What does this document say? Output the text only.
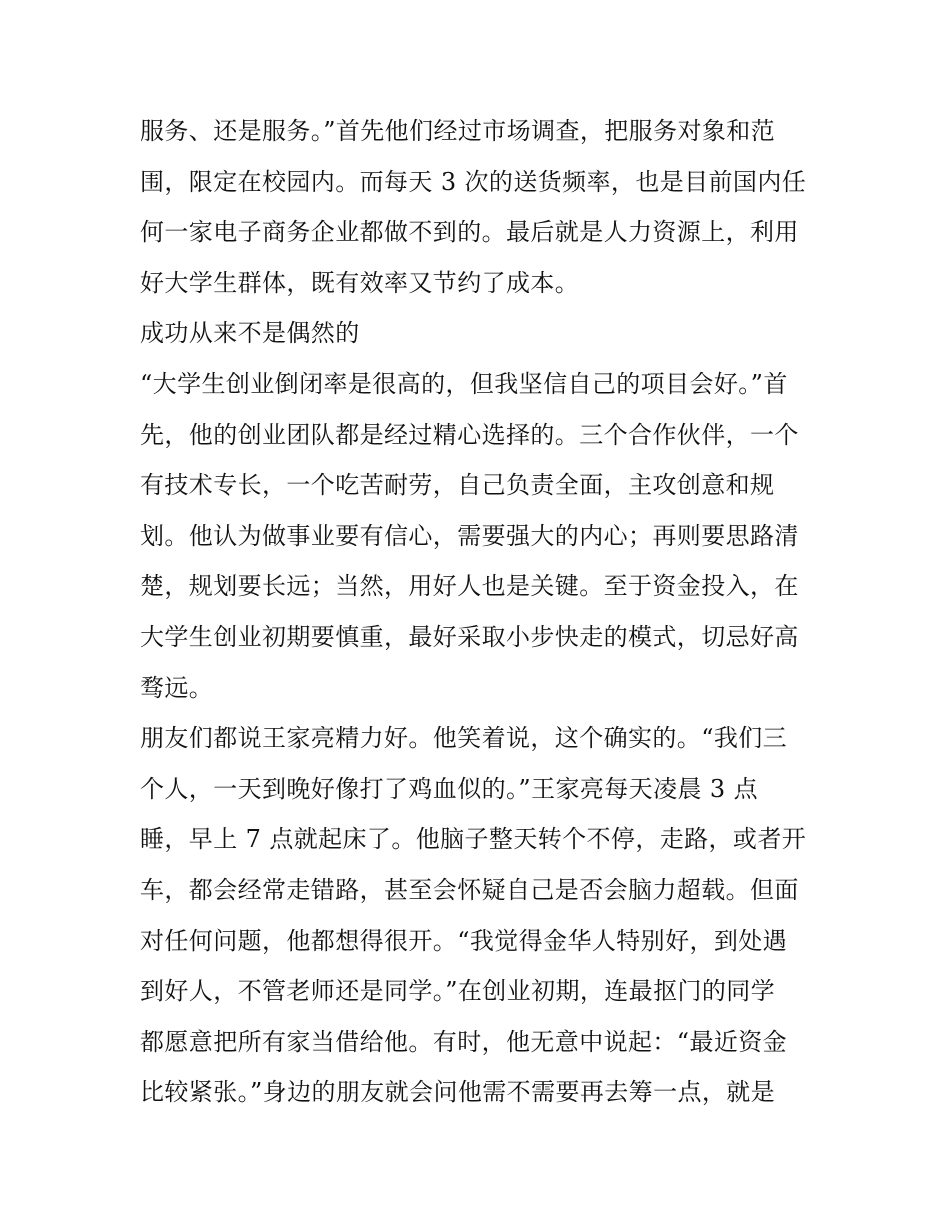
服务、还是服务。”首先他们经过市场调查，把服务对象和范
围，限定在校园内。而每天 3 次的送货频率，也是目前国内任
何一家电子商务企业都做不到的。最后就是人力资源上，利用
好大学生群体，既有效率又节约了成本。
成功从来不是偶然的
“大学生创业倒闭率是很高的，但我坚信自己的项目会好。”首
先，他的创业团队都是经过精心选择的。三个合作伙伴，一个
有技术专长，一个吃苦耐劳，自己负责全面，主攻创意和规
划。他认为做事业要有信心，需要强大的内心；再则要思路清
楚，规划要长远；当然，用好人也是关键。至于资金投入，在
大学生创业初期要慎重，最好采取小步快走的模式，切忌好高
骛远。
朋友们都说王家亮精力好。他笑着说，这个确实的。“我们三
个人，一天到晚好像打了鸡血似的。”王家亮每天凌晨 3 点
睡，早上 7 点就起床了。他脑子整天转个不停，走路，或者开
车，都会经常走错路，甚至会怀疑自己是否会脑力超载。但面
对任何问题，他都想得很开。“我觉得金华人特别好，到处遇
到好人，不管老师还是同学。”在创业初期，连最抠门的同学
都愿意把所有家当借给他。有时，他无意中说起：“最近资金
比较紧张。”身边的朋友就会问他需不需要再去筹一点，就是
